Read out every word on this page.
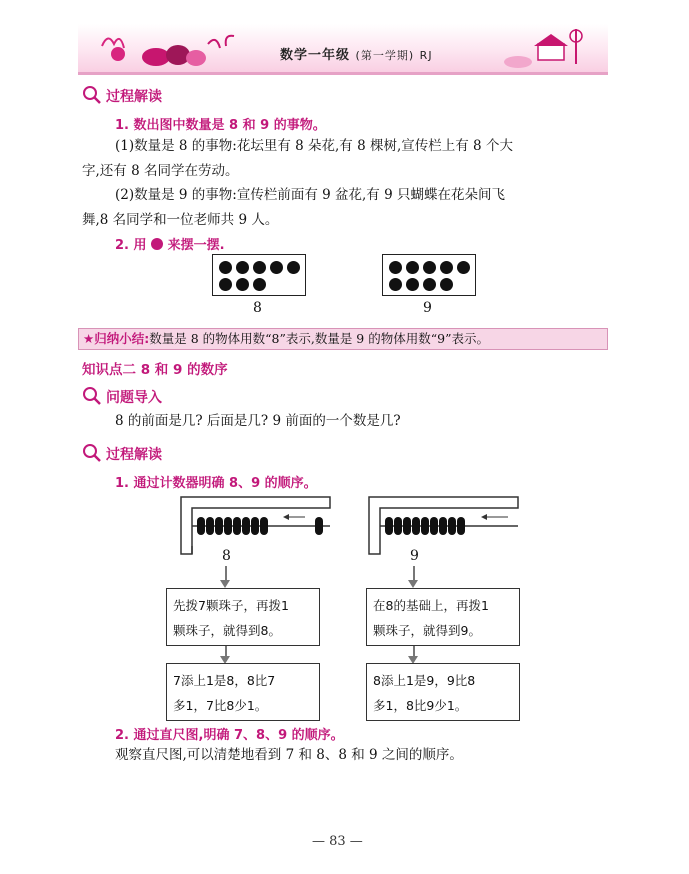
数学一年级 (第一学期) RJ
过程解读
1. 数出图中数量是 8 和 9 的事物。
(1)数量是 8 的事物:花坛里有 8 朵花,有 8 棵树,宣传栏上有 8 个大
字,还有 8 名同学在劳动。
(2)数量是 9 的事物:宣传栏前面有 9 盆花,有 9 只蝴蝶在花朵间飞
舞,8 名同学和一位老师共 9 人。
2. 用 来摆一摆.
8	9
★归纳小结:数量是 8 的物体用数“8”表示,数量是 9 的物体用数“9”表示。
知识点二 8 和 9 的数序
问题导入
8 的前面是几? 后面是几? 9 前面的一个数是几?
过程解读
1. 通过计数器明确 8、9 的顺序。
8
先拨7颗珠子，再拨1
颗珠子，就得到8。
7添上1是8，8比7
多1，7比8少1。
9
在8的基础上，再拨1
颗珠子，就得到9。
8添上1是9，9比8
多1，8比9少1。
2. 通过直尺图,明确 7、8、9 的顺序。
观察直尺图,可以清楚地看到 7 和 8、8 和 9 之间的顺序。
— 83 —
